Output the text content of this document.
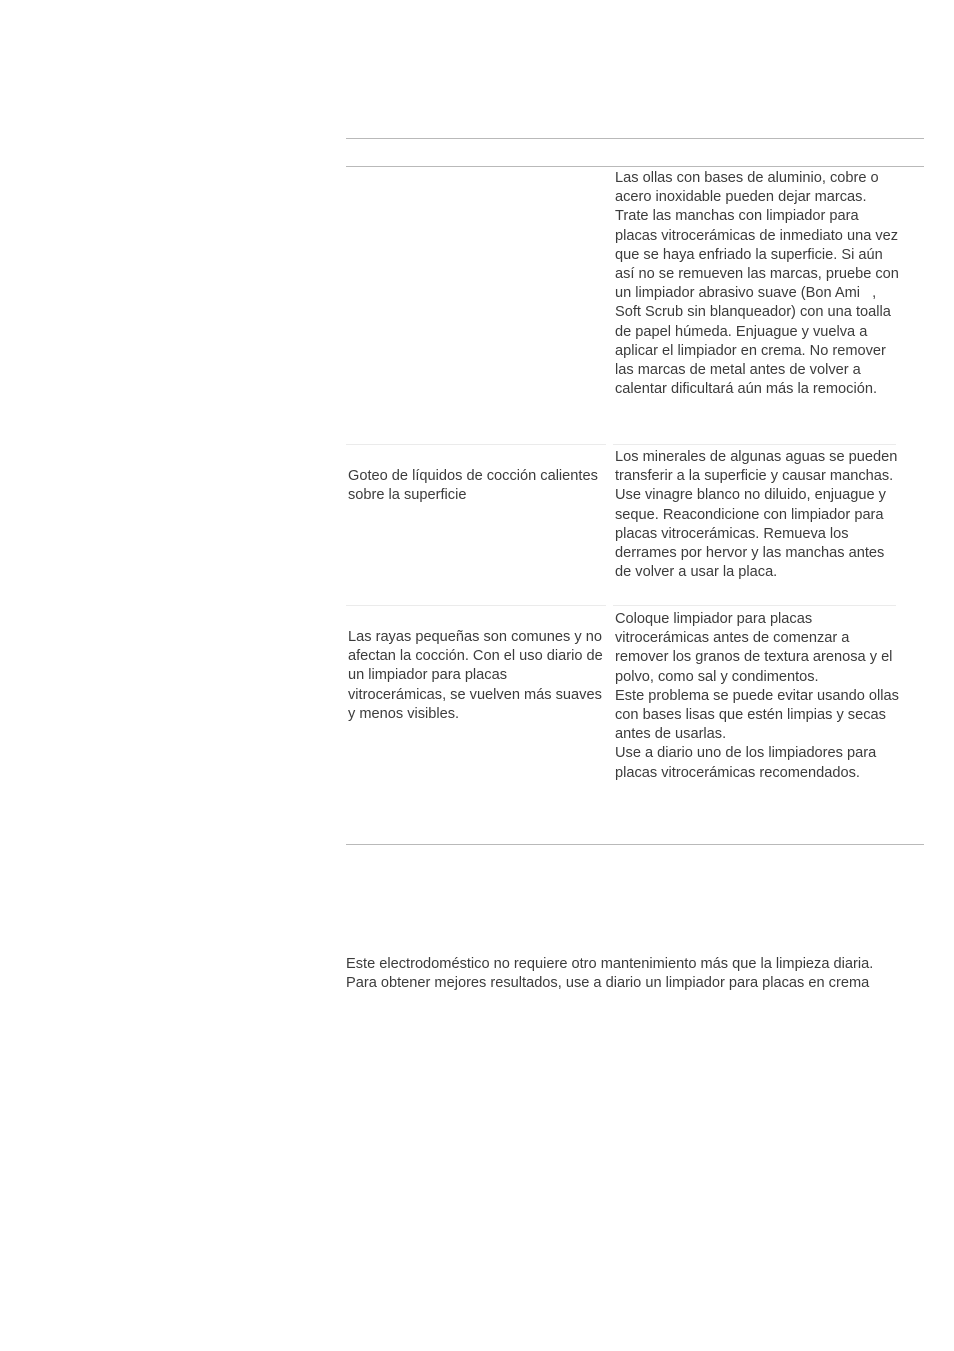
Las ollas con bases de aluminio, cobre o acero inoxidable pueden dejar marcas. Trate las manchas con limpiador para placas vitrocerámicas de inmediato una vez que se haya enfriado la superficie. Si aún así no se remueven las marcas, pruebe con un limpiador abrasivo suave (Bon Ami   , Soft Scrub sin blanqueador) con una toalla de papel húmeda. Enjuague y vuelva a aplicar el limpiador en crema. No remover las marcas de metal antes de volver a calentar dificultará aún más la remoción.

Goteo de líquidos de cocción calientes sobre la superficie

Los minerales de algunas aguas se pueden transferir a la superficie y causar manchas. Use vinagre blanco no diluido, enjuague y seque. Reacondicione con limpiador para placas vitrocerámicas. Remueva los derrames por hervor y las manchas antes de volver a usar la placa.

Las rayas pequeñas son comunes y no afectan la cocción. Con el uso diario de un limpiador para placas vitrocerámicas, se vuelven más suaves y menos visibles.

Coloque limpiador para placas vitrocerámicas antes de comenzar a remover los granos de textura arenosa y el polvo, como sal y condimentos.

Este problema se puede evitar usando ollas con bases lisas que estén limpias y secas antes de usarlas.

Use a diario uno de los limpiadores para placas vitrocerámicas recomendados.

Este electrodoméstico no requiere otro mantenimiento más que la limpieza diaria.

Para obtener mejores resultados, use a diario un limpiador para placas en crema
